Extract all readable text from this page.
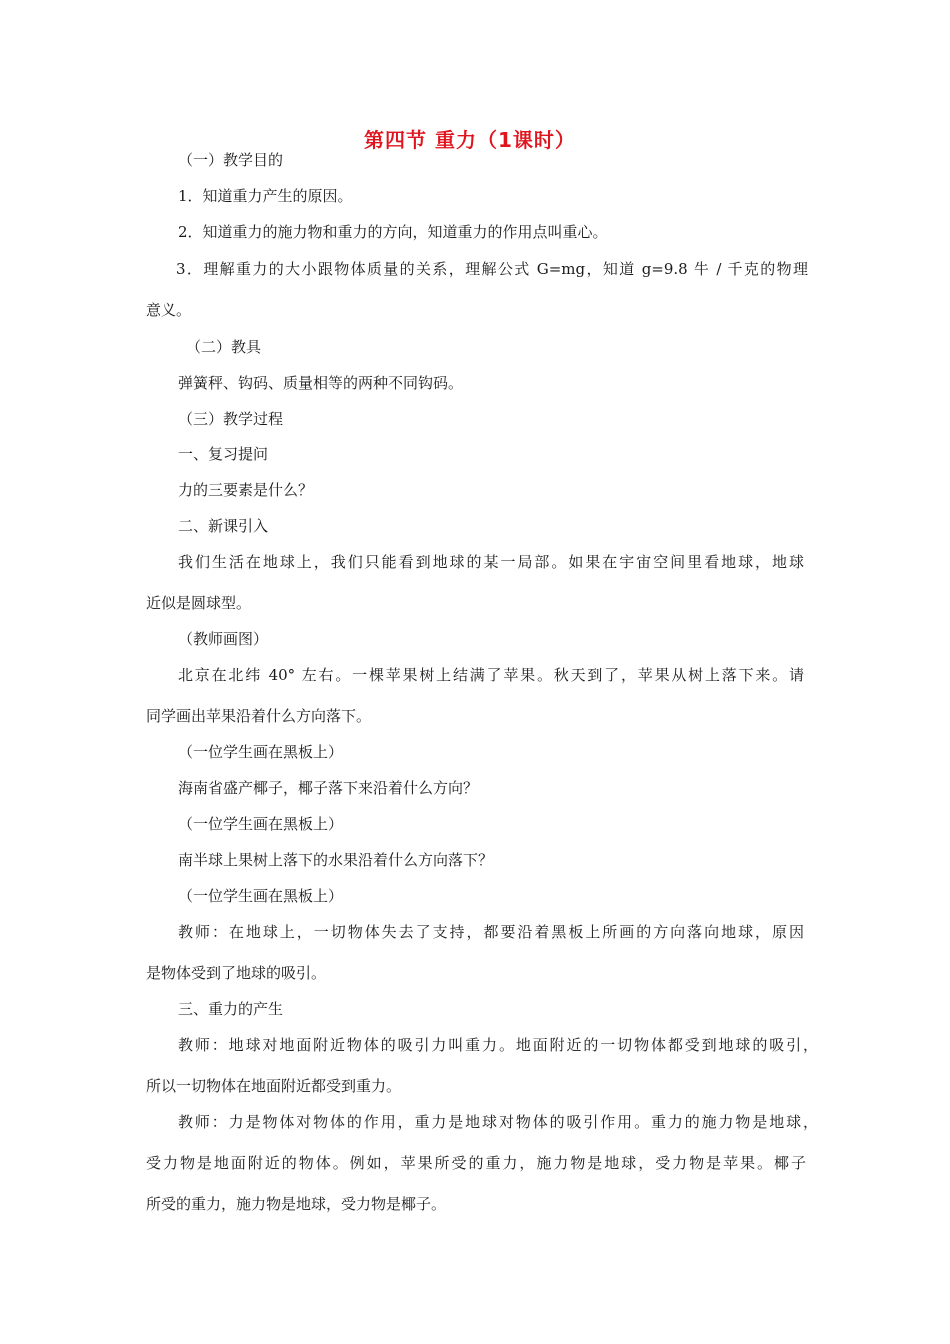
第四节 重力（1课时）
（一）教学目的
1．知道重力产生的原因。
2．知道重力的施力物和重力的方向，知道重力的作用点叫重心。
3．理解重力的大小跟物体质量的关系，理解公式 G=mg，知道 g=9.8 牛 / 千克的物理
意义。
（二）教具
弹簧秤、钩码、质量相等的两种不同钩码。
（三）教学过程
一、复习提问
力的三要素是什么？
二、新课引入
我们生活在地球上，我们只能看到地球的某一局部。如果在宇宙空间里看地球，地球
近似是圆球型。
（教师画图）
北京在北纬 40° 左右。一棵苹果树上结满了苹果。秋天到了，苹果从树上落下来。请
同学画出苹果沿着什么方向落下。
（一位学生画在黑板上）
海南省盛产椰子，椰子落下来沿着什么方向？
（一位学生画在黑板上）
南半球上果树上落下的水果沿着什么方向落下？
（一位学生画在黑板上）
教师：在地球上，一切物体失去了支持，都要沿着黑板上所画的方向落向地球，原因
是物体受到了地球的吸引。
三、重力的产生
教师：地球对地面附近物体的吸引力叫重力。地面附近的一切物体都受到地球的吸引，
所以一切物体在地面附近都受到重力。
教师：力是物体对物体的作用，重力是地球对物体的吸引作用。重力的施力物是地球，
受力物是地面附近的物体。例如，苹果所受的重力，施力物是地球，受力物是苹果。椰子
所受的重力，施力物是地球，受力物是椰子。
